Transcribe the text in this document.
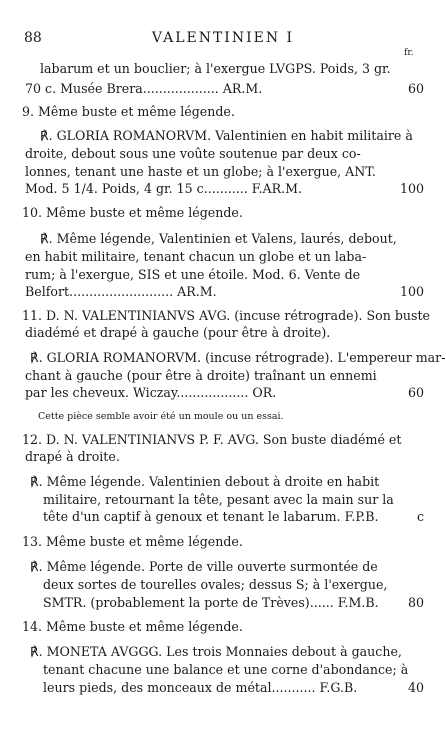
88	VALENTINIEN I
fr.
labarum et un bouclier; à l'exergue LVGPS. Poids, 3 gr.
70 c. Musée Brera................... AR.M.	60
9. Même buste et même légende.
℟. GLORIA ROMANORVM. Valentinien en habit militaire à
droite, debout sous une voûte soutenue par deux co-
lonnes, tenant une haste et un globe; à l'exergue, ANT.
Mod. 5 1/4. Poids, 4 gr. 15 c........... F.AR.M.	100
10. Même buste et même légende.
℟. Même légende, Valentinien et Valens, laurés, debout,
en habit militaire, tenant chacun un globe et un laba-
rum; à l'exergue, SIS et une étoile. Mod. 6. Vente de
Belfort.......................... AR.M.	100
11. D. N. VALENTINIANVS AVG. (incuse rétrograde). Son buste
diadémé et drapé à gauche (pour être à droite).
℟. GLORIA ROMANORVM. (incuse rétrograde). L'empereur mar-
chant à gauche (pour être à droite) traînant un ennemi
par les cheveux. Wiczay.................. OR.	60
Cette pièce semble avoir été un moule ou un essai.
12. D. N. VALENTINIANVS P. F. AVG. Son buste diadémé et
drapé à droite.
℟. Même légende. Valentinien debout à droite en habit
militaire, retournant la tête, pesant avec la main sur la
tête d'un captif à genoux et tenant le labarum. F.P.B.	c
13. Même buste et même légende.
℟. Même légende. Porte de ville ouverte surmontée de
deux sortes de tourelles ovales; dessus S; à l'exergue,
SMTR. (probablement la porte de Trèves)...... F.M.B. 80
14. Même buste et même légende.
℟. MONETA AVGGG. Les trois Monnaies debout à gauche,
tenant chacune une balance et une corne d'abondance; à
leurs pieds, des monceaux de métal........... F.G.B.	40
